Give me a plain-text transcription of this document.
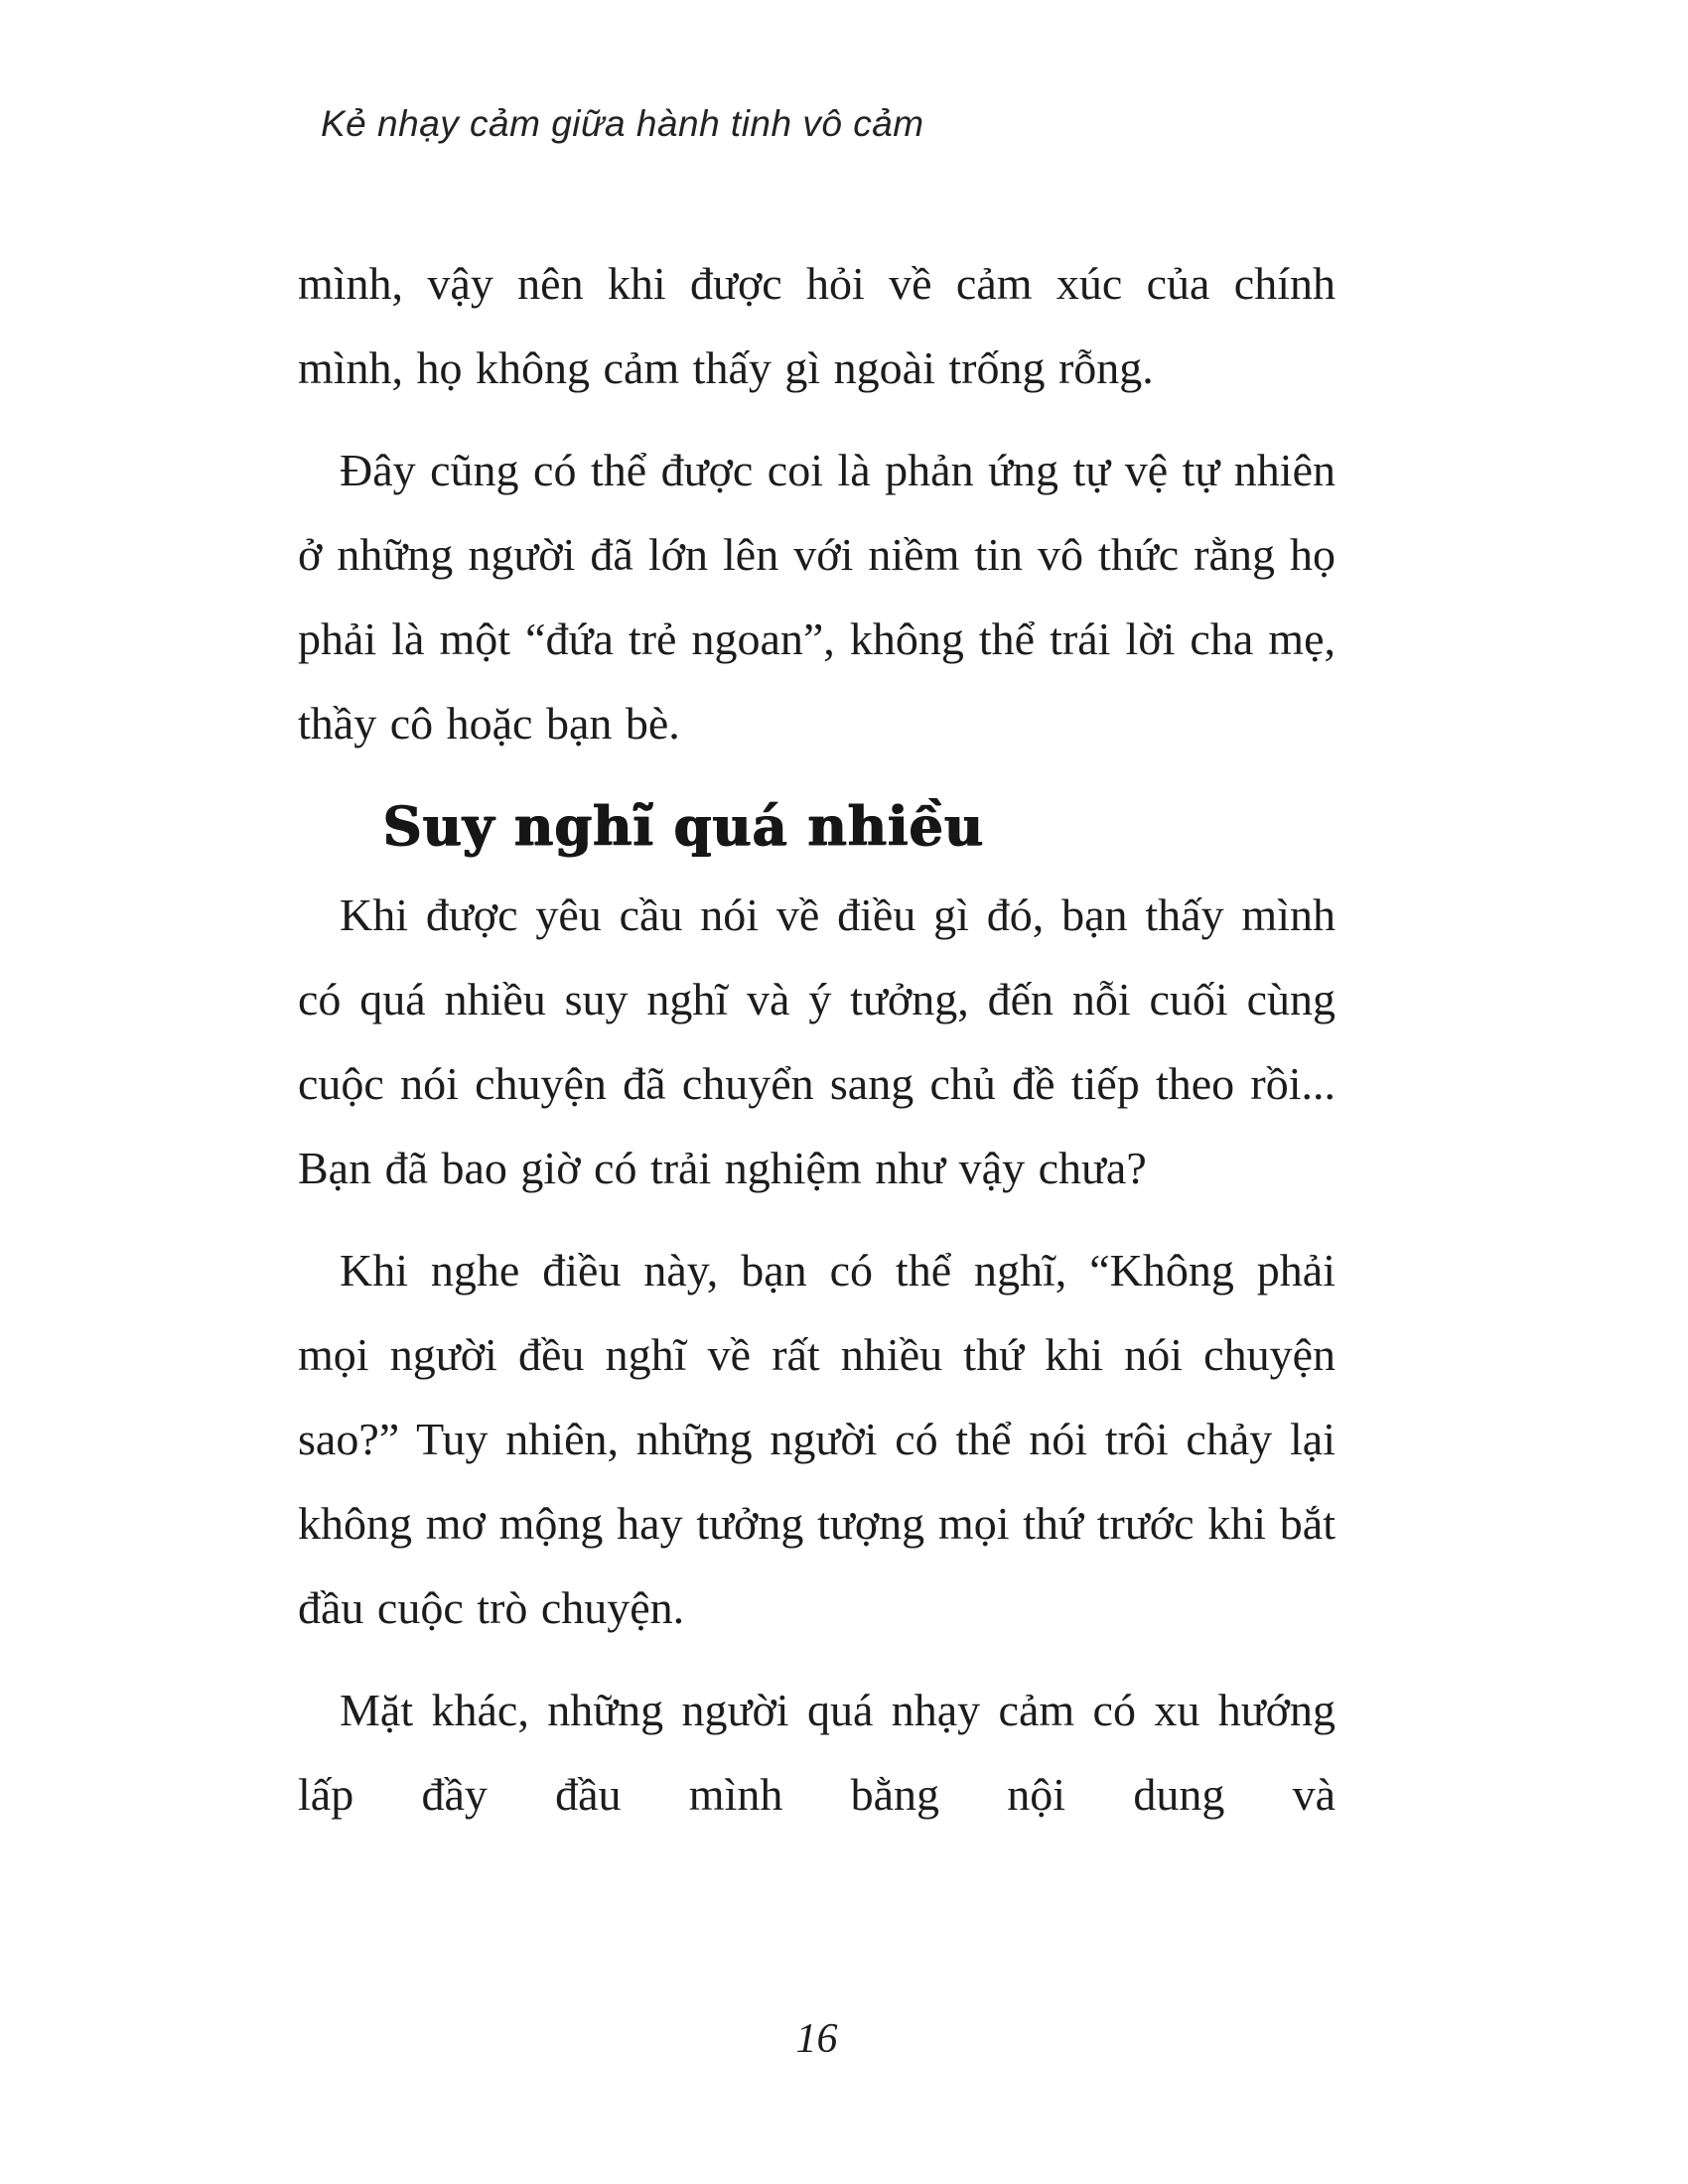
Kẻ nhạy cảm giữa hành tinh vô cảm

mình, vậy nên khi được hỏi về cảm xúc của chính mình, họ không cảm thấy gì ngoài trống rỗng.

Đây cũng có thể được coi là phản ứng tự vệ tự nhiên ở những người đã lớn lên với niềm tin vô thức rằng họ phải là một “đứa trẻ ngoan”, không thể trái lời cha mẹ, thầy cô hoặc bạn bè.

Suy nghĩ quá nhiều

Khi được yêu cầu nói về điều gì đó, bạn thấy mình có quá nhiều suy nghĩ và ý tưởng, đến nỗi cuối cùng cuộc nói chuyện đã chuyển sang chủ đề tiếp theo rồi... Bạn đã bao giờ có trải nghiệm như vậy chưa?

Khi nghe điều này, bạn có thể nghĩ, “Không phải mọi người đều nghĩ về rất nhiều thứ khi nói chuyện sao?” Tuy nhiên, những người có thể nói trôi chảy lại không mơ mộng hay tưởng tượng mọi thứ trước khi bắt đầu cuộc trò chuyện.

Mặt khác, những người quá nhạy cảm có xu hướng lấp đầy đầu mình bằng nội dung và

16
